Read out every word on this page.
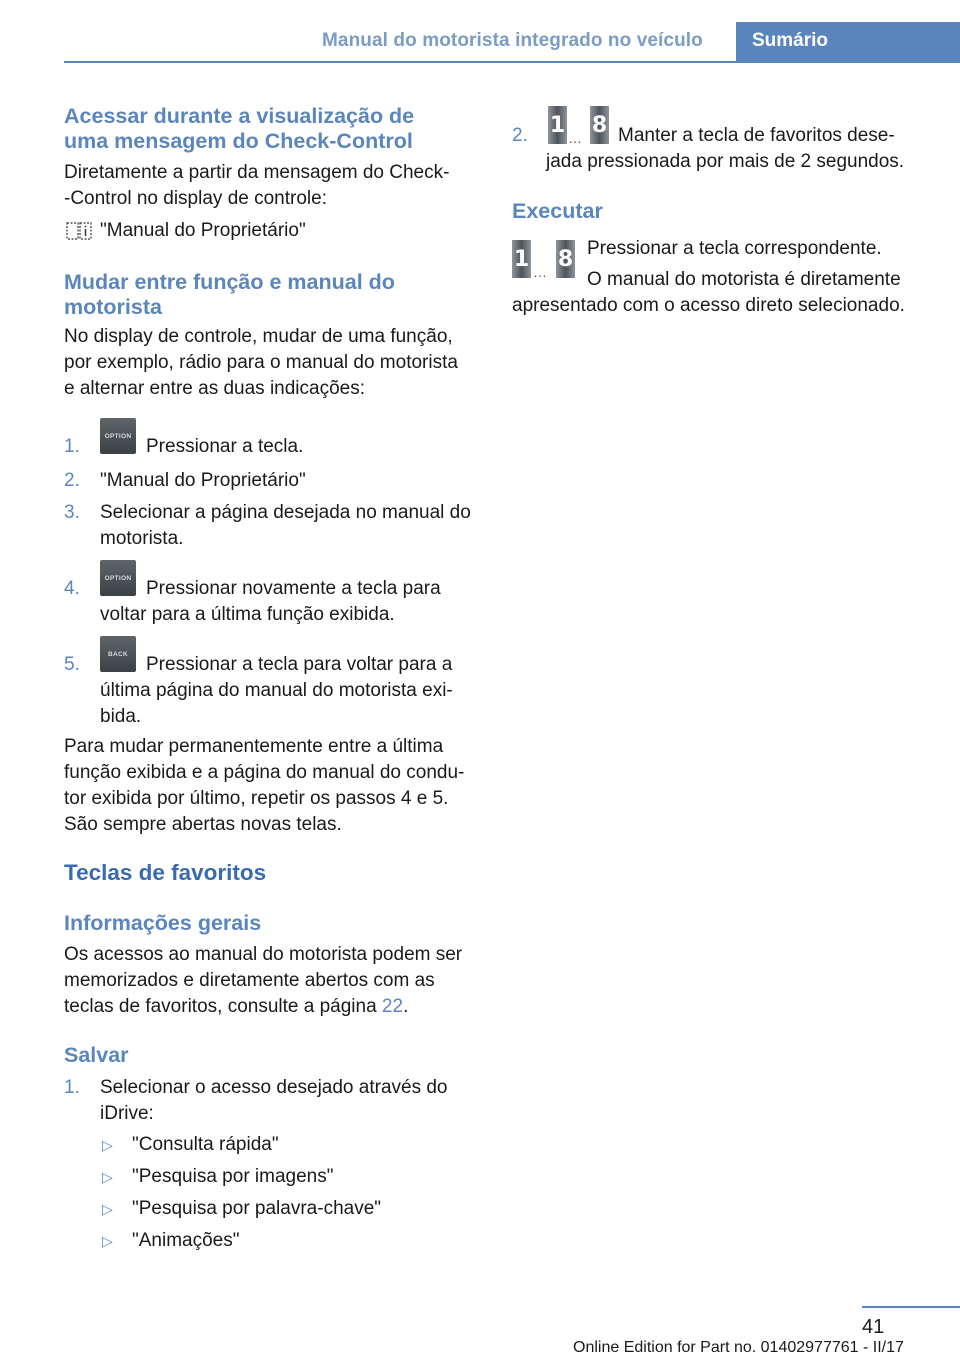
Manual do motorista integrado no veículo	Sumário
Acessar durante a visualização de
uma mensagem do Check-Control
Diretamente a partir da mensagem do Check‐
-Control no display de controle:
"Manual do Proprietário"
Mudar entre função e manual do
motorista
No display de controle, mudar de uma função,
por exemplo, rádio para o manual do motorista
e alternar entre as duas indicações:
1.	OPTION Pressionar a tecla.
2. "Manual do Proprietário"
3. Selecionar a página desejada no manual do
motorista.
4.	OPTION Pressionar novamente a tecla para
voltar para a última função exibida.
5.	BACK Pressionar a tecla para voltar para a
última página do manual do motorista exi‐
bida.
Para mudar permanentemente entre a última
função exibida e a página do manual do condu‐
tor exibida por último, repetir os passos 4 e 5.
São sempre abertas novas telas.
Teclas de favoritos
Informações gerais
Os acessos ao manual do motorista podem ser
memorizados e diretamente abertos com as
teclas de favoritos, consulte a página 22.
Salvar
1. Selecionar o acesso desejado através do
iDrive:
▷ "Consulta rápida"
▷ "Pesquisa por imagens"
▷ "Pesquisa por palavra-chave"
▷ "Animações"
2. 1
…
8 Manter a tecla de favoritos dese‐
jada pressionada por mais de 2 segundos.
Executar
1
…
8 Pressionar a tecla correspondente.
O manual do motorista é diretamente
apresentado com o acesso direto selecionado.
41
Online Edition for Part no. 01402977761 - II/17
